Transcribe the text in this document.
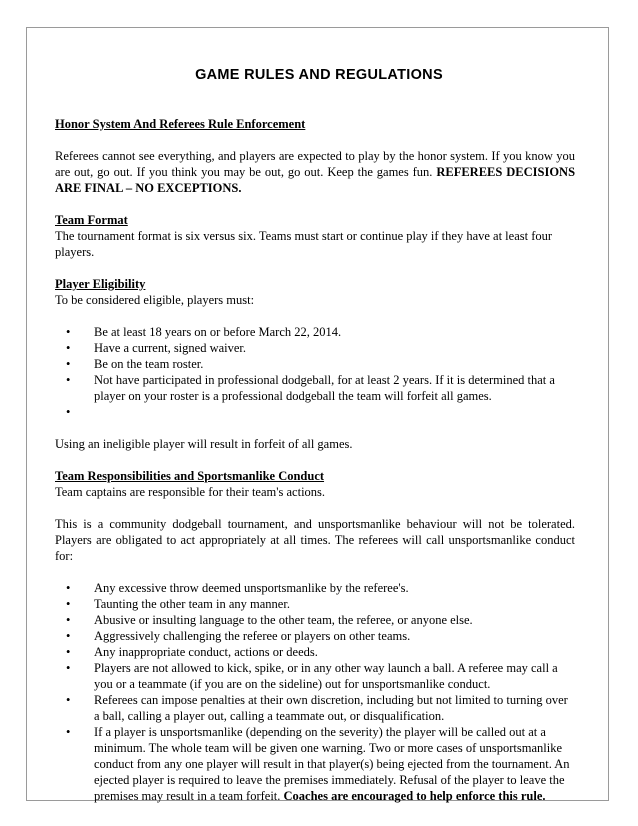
GAME RULES AND REGULATIONS

Honor System And Referees Rule Enforcement

Referees cannot see everything, and players are expected to play by the honor system. If you know you are out, go out. If you think you may be out, go out. Keep the games fun. REFEREES DECISIONS ARE FINAL – NO EXCEPTIONS.

Team Format

The tournament format is six versus six. Teams must start or continue play if they have at least four players.

Player Eligibility

To be considered eligible, players must:

• Be at least 18 years on or before March 22, 2014.
• Have a current, signed waiver.
• Be on the team roster.
• Not have participated in professional dodgeball, for at least 2 years. If it is determined that a player on your roster is a professional dodgeball the team will forfeit all games.
•

Using an ineligible player will result in forfeit of all games.

Team Responsibilities and Sportsmanlike Conduct

Team captains are responsible for their team's actions.

This is a community dodgeball tournament, and unsportsmanlike behaviour will not be tolerated. Players are obligated to act appropriately at all times. The referees will call unsportsmanlike conduct for:

• Any excessive throw deemed unsportsmanlike by the referee's.
• Taunting the other team in any manner.
• Abusive or insulting language to the other team, the referee, or anyone else.
• Aggressively challenging the referee or players on other teams.
• Any inappropriate conduct, actions or deeds.
• Players are not allowed to kick, spike, or in any other way launch a ball. A referee may call a you or a teammate (if you are on the sideline) out for unsportsmanlike conduct.
• Referees can impose penalties at their own discretion, including but not limited to turning over a ball, calling a player out, calling a teammate out, or disqualification.
• If a player is unsportsmanlike (depending on the severity) the player will be called out at a minimum. The whole team will be given one warning. Two or more cases of unsportsmanlike conduct from any one player will result in that player(s) being ejected from the tournament. An ejected player is required to leave the premises immediately. Refusal of the player to leave the premises may result in a team forfeit. Coaches are encouraged to help enforce this rule.
